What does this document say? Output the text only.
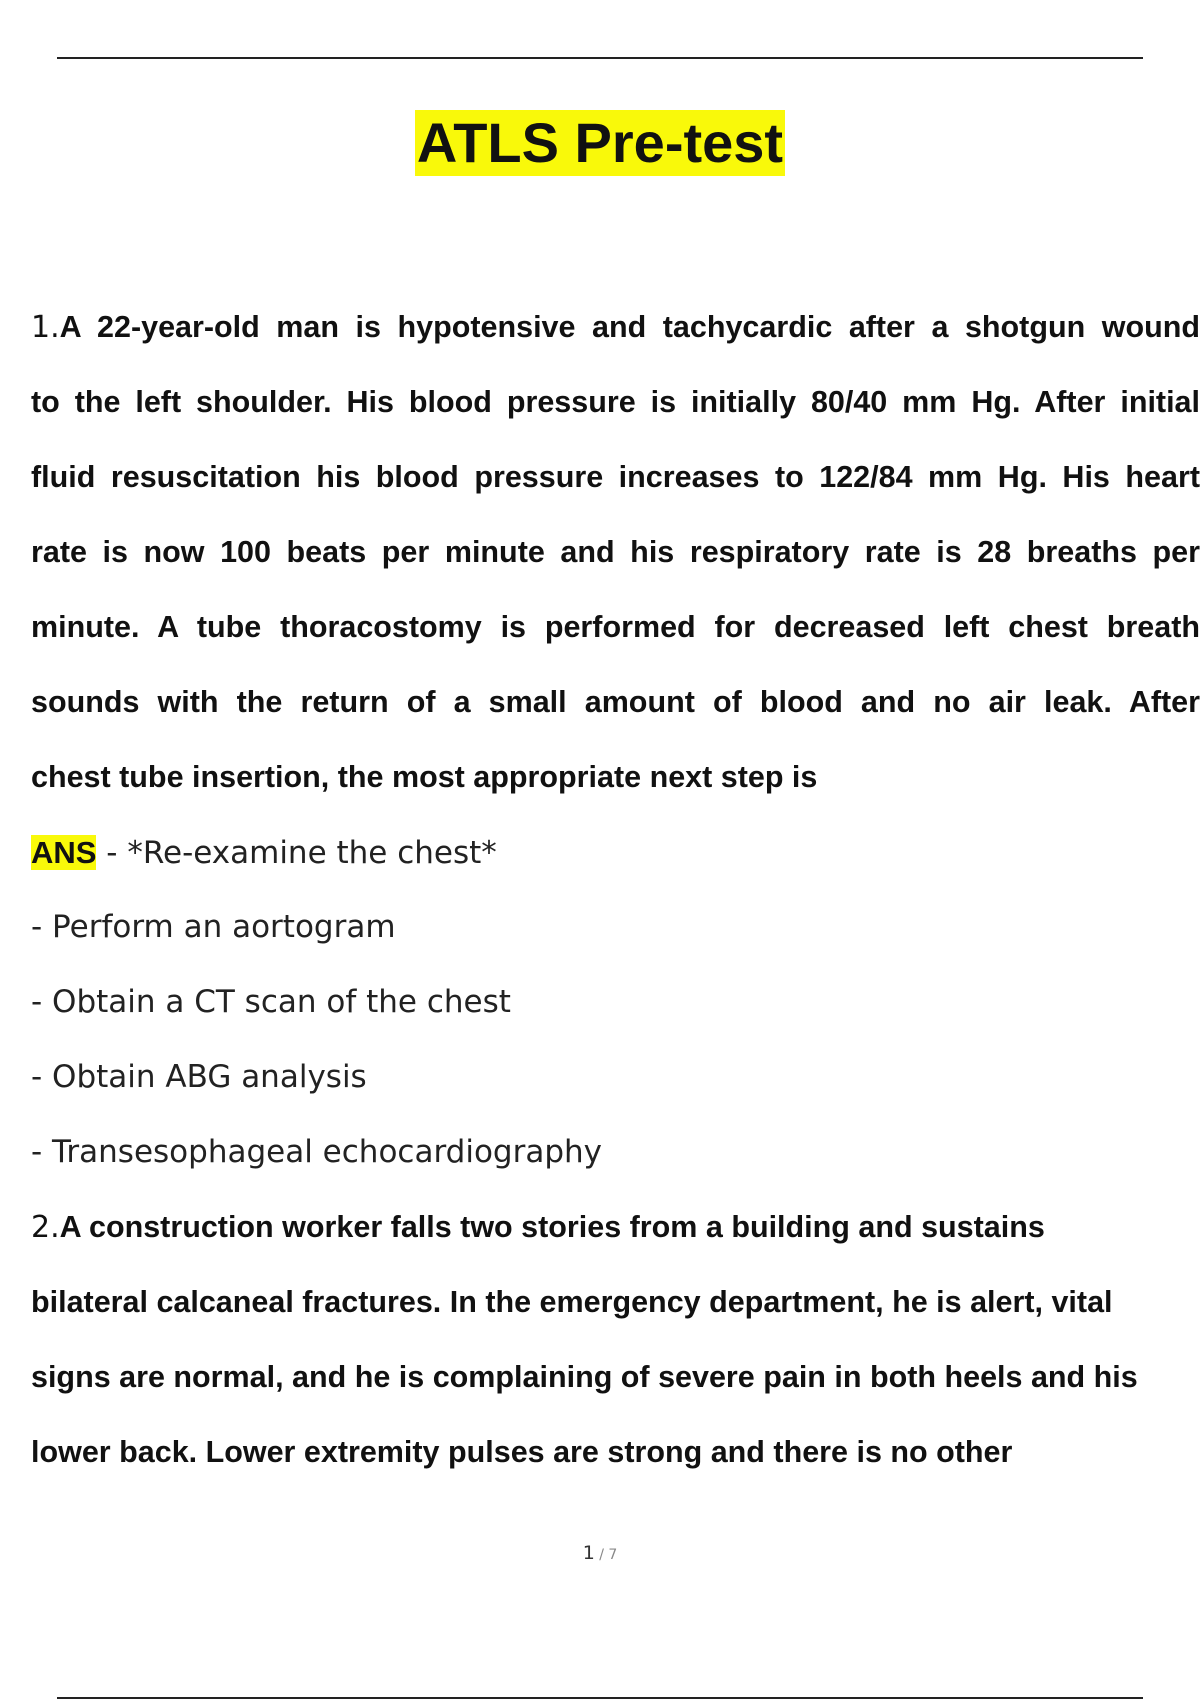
ATLS Pre-test
1.A 22-year-old man is hypotensive and tachycardic after a shotgun wound
to the left shoulder. His blood pressure is initially 80/40 mm Hg. After initial
fluid resuscitation his blood pressure increases to 122/84 mm Hg. His heart
rate is now 100 beats per minute and his respiratory rate is 28 breaths per
minute. A tube thoracostomy is performed for decreased left chest breath
sounds with the return of a small amount of blood and no air leak. After
chest tube insertion, the most appropriate next step is
ANS - *Re-examine the chest*
- Perform an aortogram
- Obtain a CT scan of the chest
- Obtain ABG analysis
- Transesophageal echocardiography
2.A construction worker falls two stories from a building and sustains
bilateral calcaneal fractures. In the emergency department, he is alert, vital
signs are normal, and he is complaining of severe pain in both heels and his
lower back. Lower extremity pulses are strong and there is no other
1 / 7
